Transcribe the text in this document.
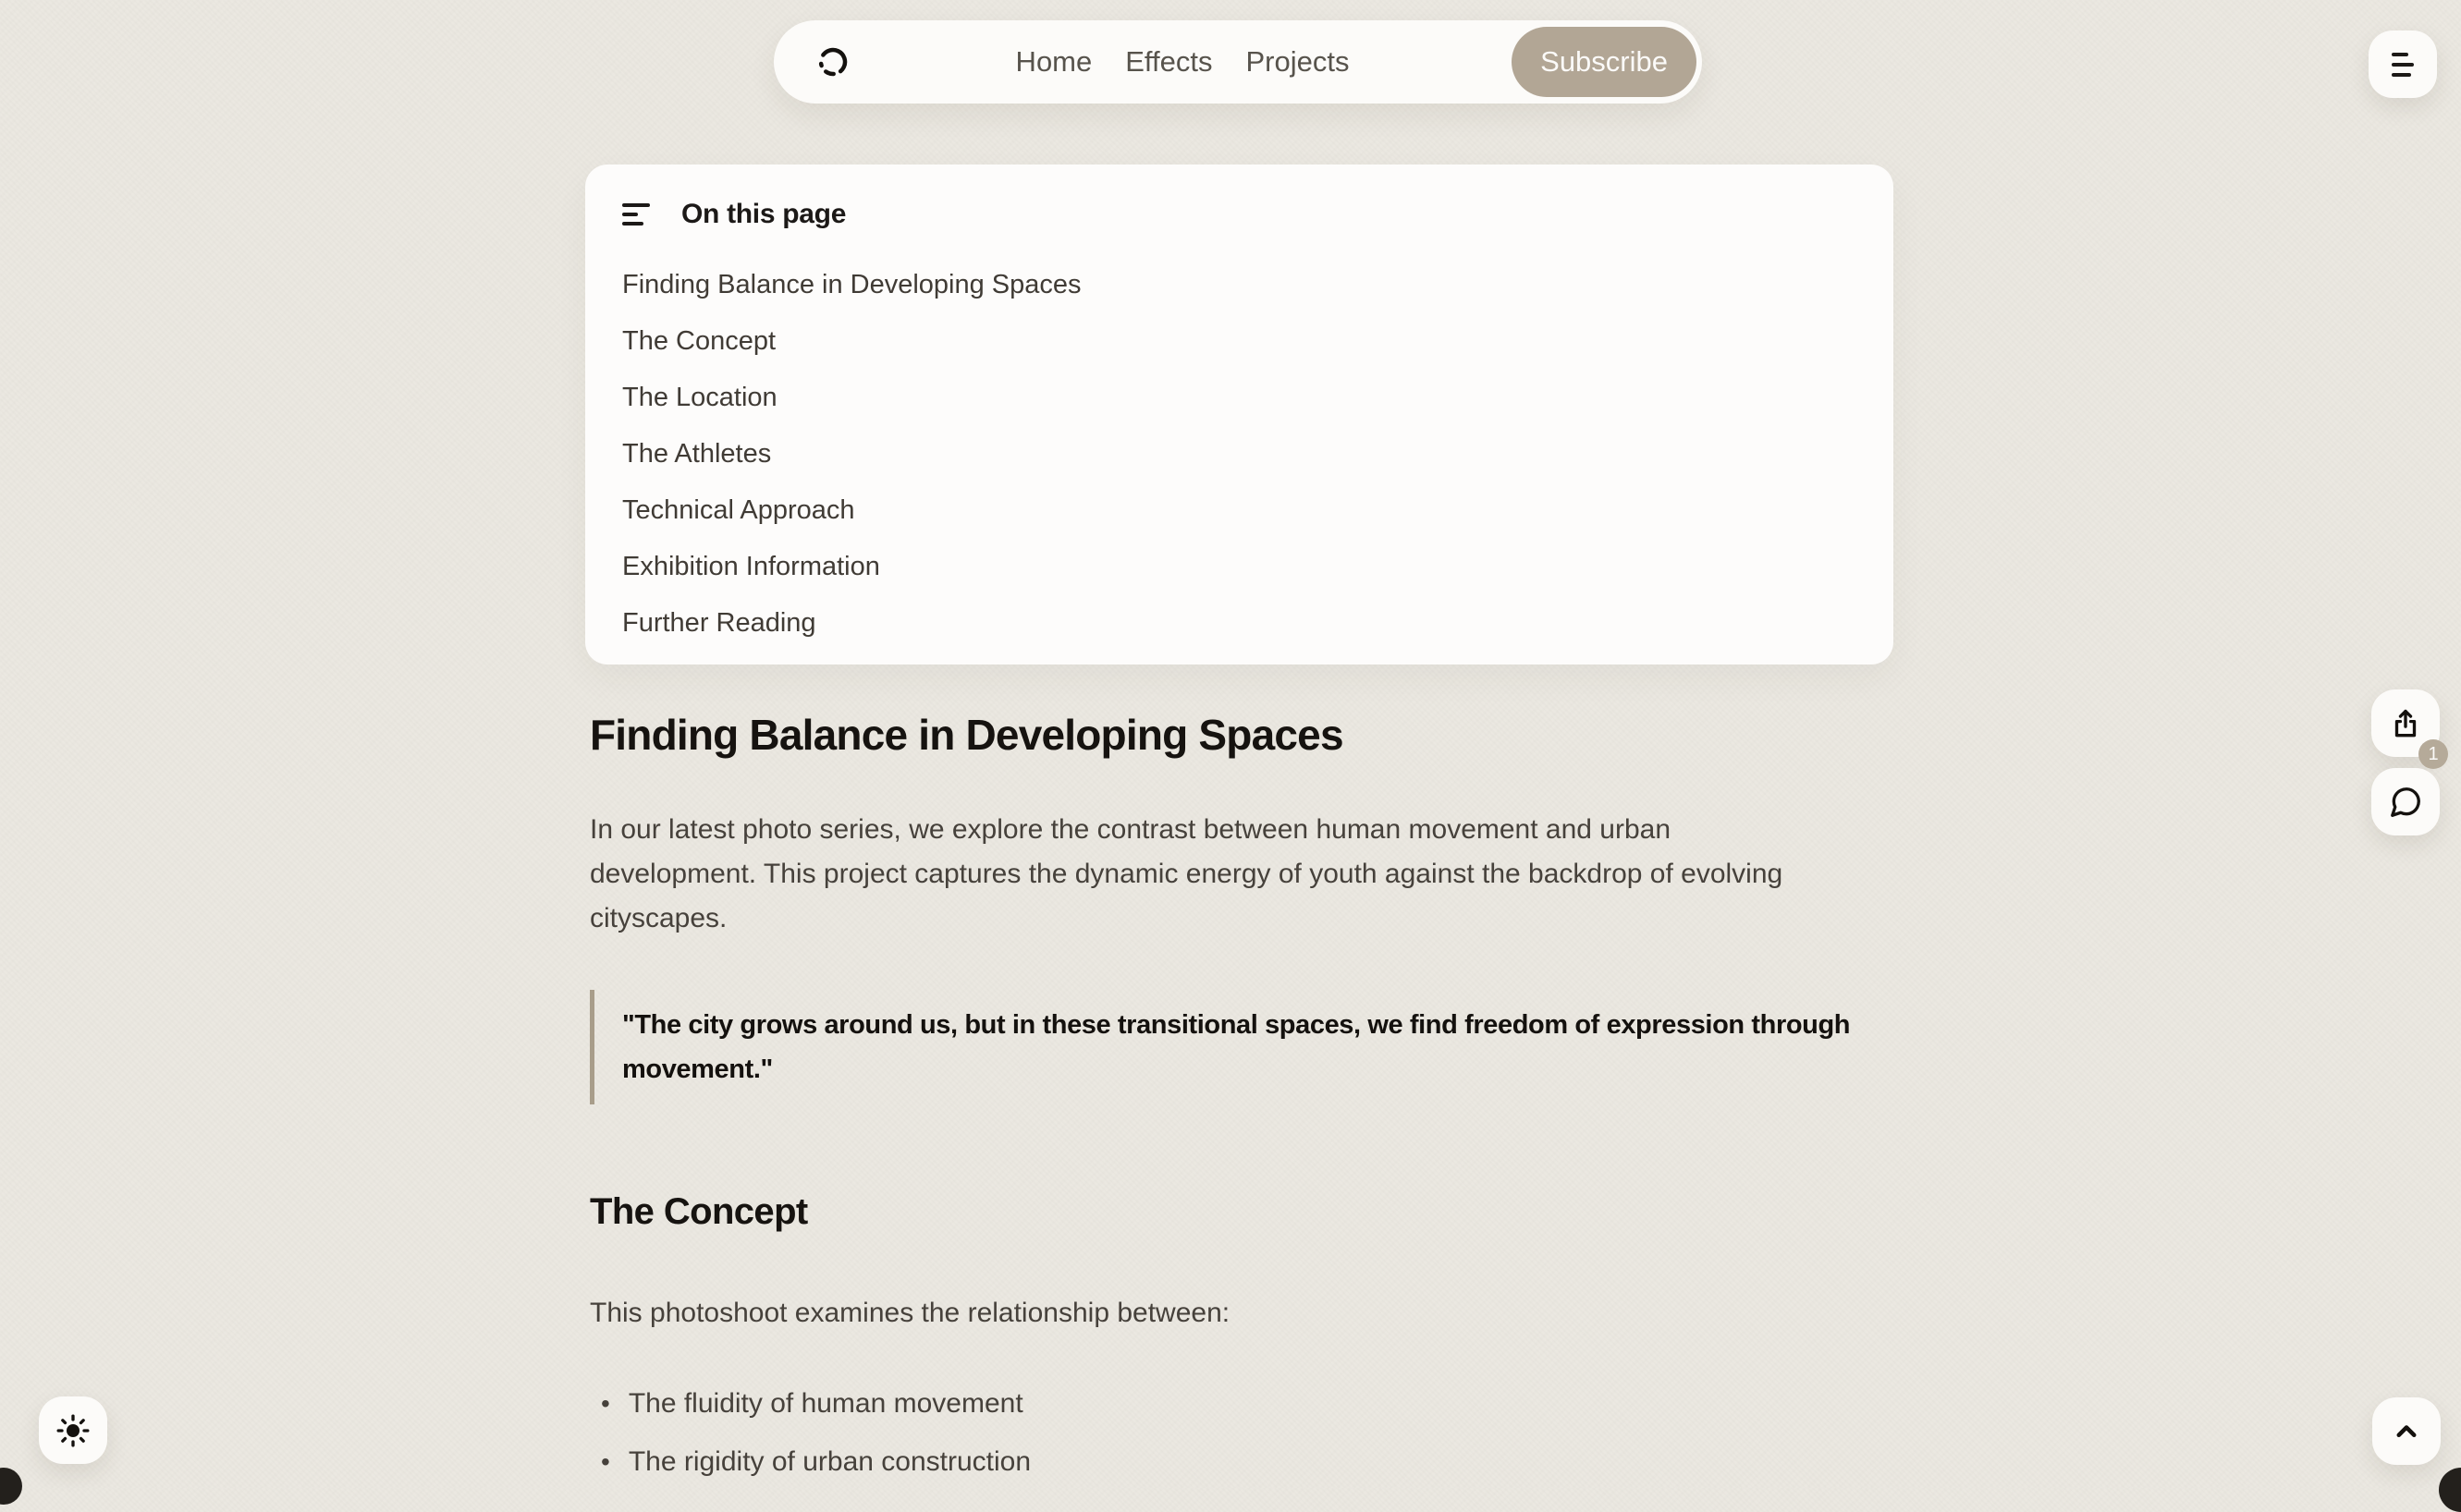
Home Effects Projects	Subscribe
On this page
Finding Balance in Developing Spaces
The Concept
The Location
The Athletes
Technical Approach
Exhibition Information
Further Reading
Finding Balance in Developing Spaces

In our latest photo series, we explore the contrast between human movement and urban development. This project captures the dynamic energy of youth against the backdrop of evolving cityscapes.

"The city grows around us, but in these transitional spaces, we find freedom of expression through movement."

The Concept

This photoshoot examines the relationship between:

• The fluidity of human movement
• The rigidity of urban construction
1
